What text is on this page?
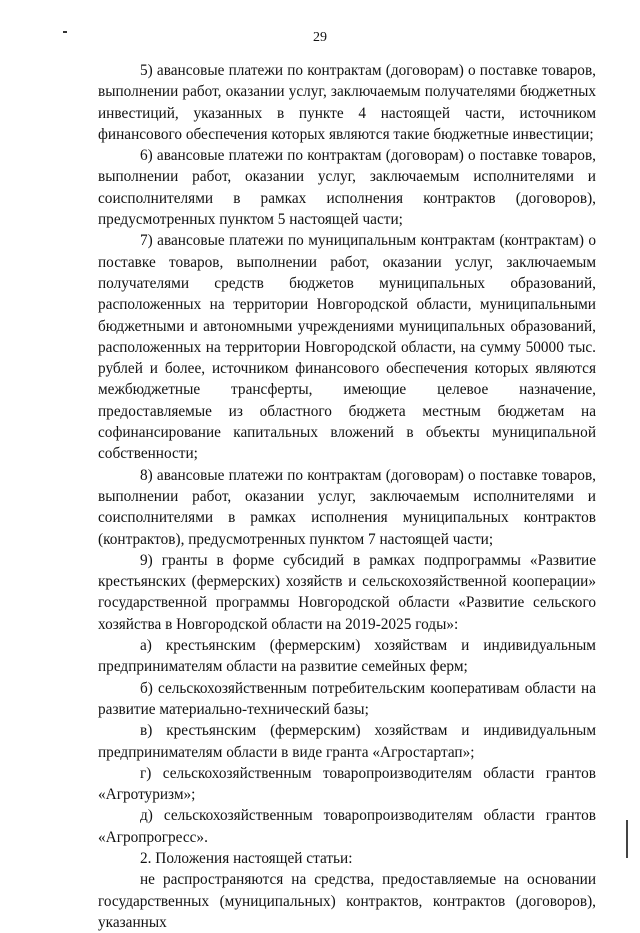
29

5) авансовые платежи по контрактам (договорам) о поставке товаров, выполнении работ, оказании услуг, заключаемым получателями бюджетных инвестиций, указанных в пункте 4 настоящей части, источником финансового обеспечения которых являются такие бюджетные инвестиции;

6) авансовые платежи по контрактам (договорам) о поставке товаров, выполнении работ, оказании услуг, заключаемым исполнителями и соисполнителями в рамках исполнения контрактов (договоров), предусмотренных пунктом 5 настоящей части;

7) авансовые платежи по муниципальным контрактам (контрактам) о поставке товаров, выполнении работ, оказании услуг, заключаемым получателями средств бюджетов муниципальных образований, расположенных на территории Новгородской области, муниципальными бюджетными и автономными учреждениями муниципальных образований, расположенных на территории Новгородской области, на сумму 50000 тыс. рублей и более, источником финансового обеспечения которых являются межбюджетные трансферты, имеющие целевое назначение, предоставляемые из областного бюджета местным бюджетам на софинансирование капитальных вложений в объекты муниципальной собственности;

8) авансовые платежи по контрактам (договорам) о поставке товаров, выполнении работ, оказании услуг, заключаемым исполнителями и соисполнителями в рамках исполнения муниципальных контрактов (контрактов), предусмотренных пунктом 7 настоящей части;

9) гранты в форме субсидий в рамках подпрограммы «Развитие крестьянских (фермерских) хозяйств и сельскохозяйственной кооперации» государственной программы Новгородской области «Развитие сельского хозяйства в Новгородской области на 2019-2025 годы»:

а) крестьянским (фермерским) хозяйствам и индивидуальным предпринимателям области на развитие семейных ферм;

б) сельскохозяйственным потребительским кооперативам области на развитие материально-технический базы;

в) крестьянским (фермерским) хозяйствам и индивидуальным предпринимателям области в виде гранта «Агростартап»;

г) сельскохозяйственным товаропроизводителям области грантов «Агротуризм»;

д) сельскохозяйственным товаропроизводителям области грантов «Агропрогресс».

2. Положения настоящей статьи:

не распространяются на средства, предоставляемые на основании государственных (муниципальных) контрактов, контрактов (договоров), указанных
